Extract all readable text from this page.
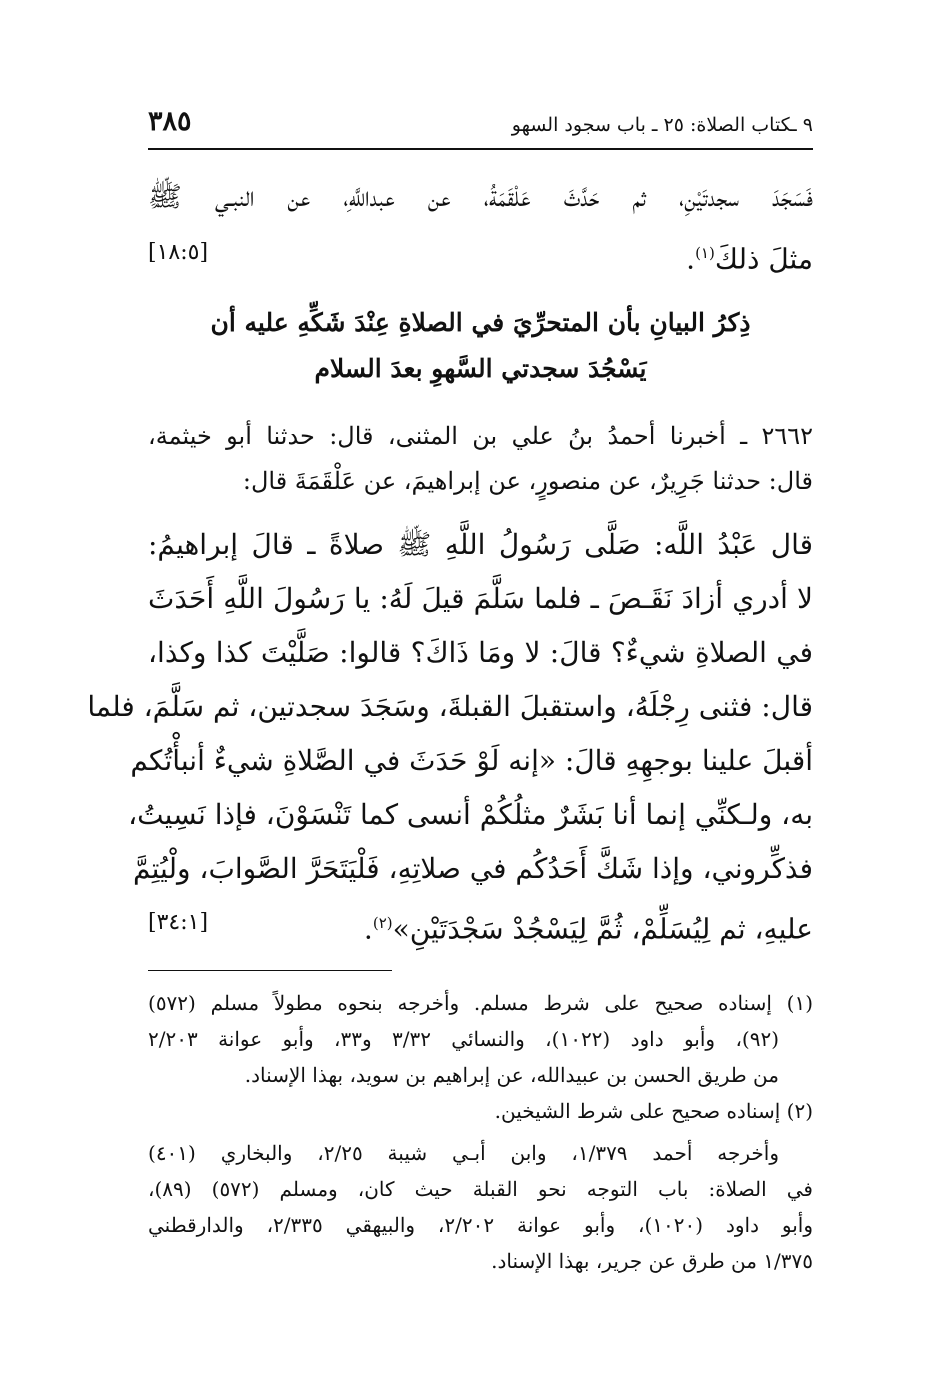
٩ ـكتاب الصلاة: ٢٥ ـ باب سجود السهو
٣٨٥
فَسَجَدَ سجدتَيْنِ، ثم حَدَّثَ عَلْقَمَةُ، عن عبداللَّهِ، عن النبـي ﷺ
مثلَ ذلكَ$^{(١)}$.
[١٨:٥]
ذِكرُ البيانِ بأن المتحرِّيَ في الصلاةِ عِنْدَ شَكِّهِ عليه أن
يَسْجُدَ سجدتي السَّهوِ بعدَ السلام
٢٦٦٢ ـ أخبرنا أحمدُ بنُ علي بن المثنى، قال: حدثنا أبو خيثمة،
قال: حدثنا جَرِيرٌ، عن منصورٍ، عن إبراهيمَ، عن عَلْقَمَةَ قال:
قال عَبْدُ اللَّه: صَلَّى رَسُولُ اللَّهِ ﷺ صلاةً ـ قالَ إبراهيمُ:
لا أدري أزادَ نَقَـصَ ـ فلما سَلَّمَ قيلَ لَهُ: يا رَسُولَ اللَّهِ أَحَدَثَ
في الصلاةِ شيءٌ؟ قالَ: لا ومَا ذَاكَ؟ قالوا: صَلَّيْتَ كذا وكذا،
قال: فثنى رِجْلَهُ، واستقبلَ القبلةَ، وسَجَدَ سجدتين، ثم سَلَّمَ، فلما
أقبلَ علينا بوجهِهِ قالَ: «إنه لَوْ حَدَثَ في الصَّلاةِ شيءٌ أنبأْتُكم
به، ولـكنِّي إنما أنا بَشَرٌ مثلُكُمْ أنسى كما تَنْسَوْنَ، فإذا نَسِيتُ،
فذكِّروني، وإذا شَكَّ أَحَدُكُم في صلاتِهِ، فَلْيَتَحَرَّ الصَّوابَ، ولْيُتِمَّ
عليهِ، ثم لِيُسَلِّمْ، ثُمَّ لِيَسْجُدْ سَجْدَتَيْنِ»$^{(٢)}$.
[٣٤:١]
(١) إسناده صحيح على شرط مسلم. وأخرجه بنحوه مطولاً مسلم (٥٧٢)
(٩٢)، وأبو داود (١٠٢٢)، والنسائي ٣/٣٢ و٣٣، وأبو عوانة ٢/٢٠٣
من طريق الحسن بن عبيدالله، عن إبراهيم بن سويد، بهذا الإسناد.
(٢) إسناده صحيح على شرط الشيخين.
وأخرجه أحمد ١/٣٧٩، وابن أبـي شيبة ٢/٢٥، والبخاري (٤٠١)
في الصلاة: باب التوجه نحو القبلة حيث كان، ومسلم (٥٧٢) (٨٩)،
وأبو داود (١٠٢٠)، وأبو عوانة ٢/٢٠٢، والبيهقي ٢/٣٣٥، والدارقطني
١/٣٧٥ من طرق عن جرير، بهذا الإسناد.
